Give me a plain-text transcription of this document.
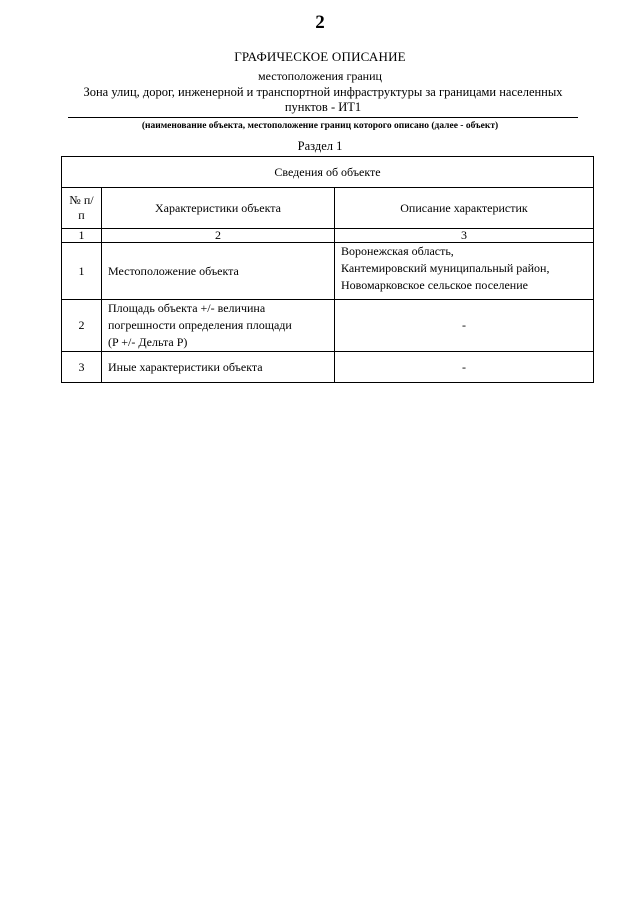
2
ГРАФИЧЕСКОЕ ОПИСАНИЕ
местоположения границ
Зона улиц, дорог, инженерной и транспортной инфраструктуры за границами населенных пунктов - ИТ1
(наименование объекта, местоположение границ которого описано (далее - объект)
Раздел 1
Сведения об объекте		
№ п/п	Характеристики объекта	Описание характеристик
1	2	3
1	Местоположение объекта	Воронежская область,
Кантемировский муниципальный район,
Новомарковское сельское поселение

2	Площадь объекта +/- величина
погрешности определения площади
(P +/- Дельта P)	-
3	Иные характеристики объекта	-
